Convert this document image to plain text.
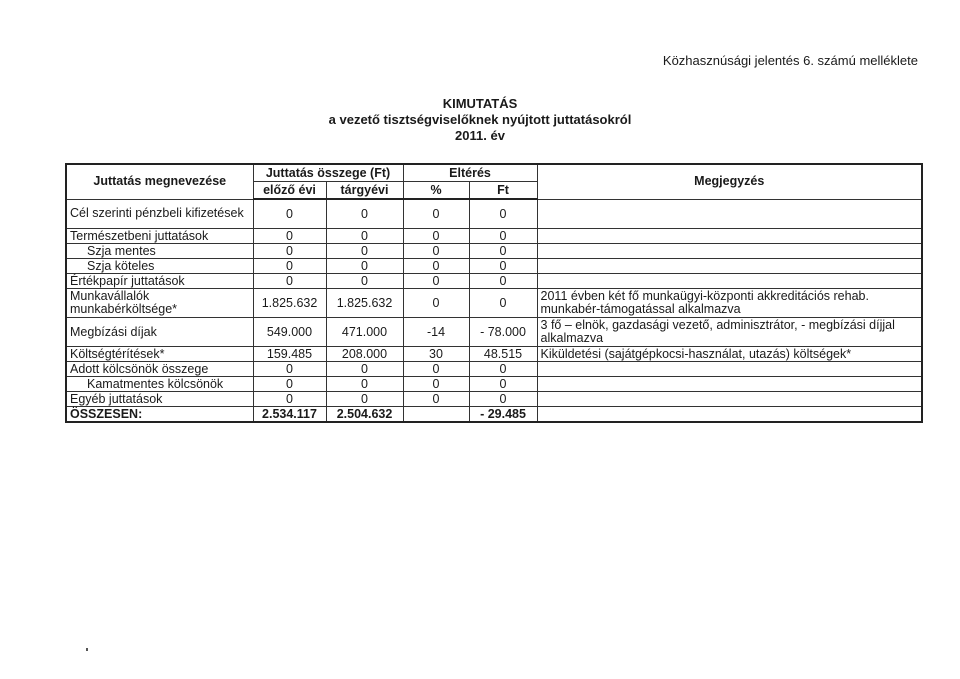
Közhasznúsági jelentés 6. számú melléklete
KIMUTATÁS
a vezető tisztségviselőknek nyújtott juttatásokról
2011. év
Juttatás megnevezése	Juttatás összege (Ft)		Eltérés		Megjegyzés
	előző évi	tárgyévi	%	Ft	
Cél szerinti pénzbeli kifizetések	0	0	0	0	
Természetbeni juttatások	0	0	0	0	
Szja mentes	0	0	0	0	
Szja köteles	0	0	0	0	
Értékpapír juttatások	0	0	0	0	
Munkavállalók munkabérköltsége*	1.825.632	1.825.632	0	0	2011 évben két fő munkaügyi-központi akkreditációs rehab. munkabér-támogatással alkalmazva
Megbízási díjak	549.000	471.000	-14	- 78.000	3 fő – elnök, gazdasági vezető, adminisztrátor, - megbízási díjjal alkalmazva
Költségtérítések*	159.485	208.000	30	48.515	Kiküldetési (sajátgépkocsi-használat, utazás) költségek*
Adott kölcsönök összege	0	0	0	0	
Kamatmentes kölcsönök	0	0	0	0	
Egyéb juttatások	0	0	0	0	
ÖSSZESEN:	2.534.117	2.504.632		- 29.485	
